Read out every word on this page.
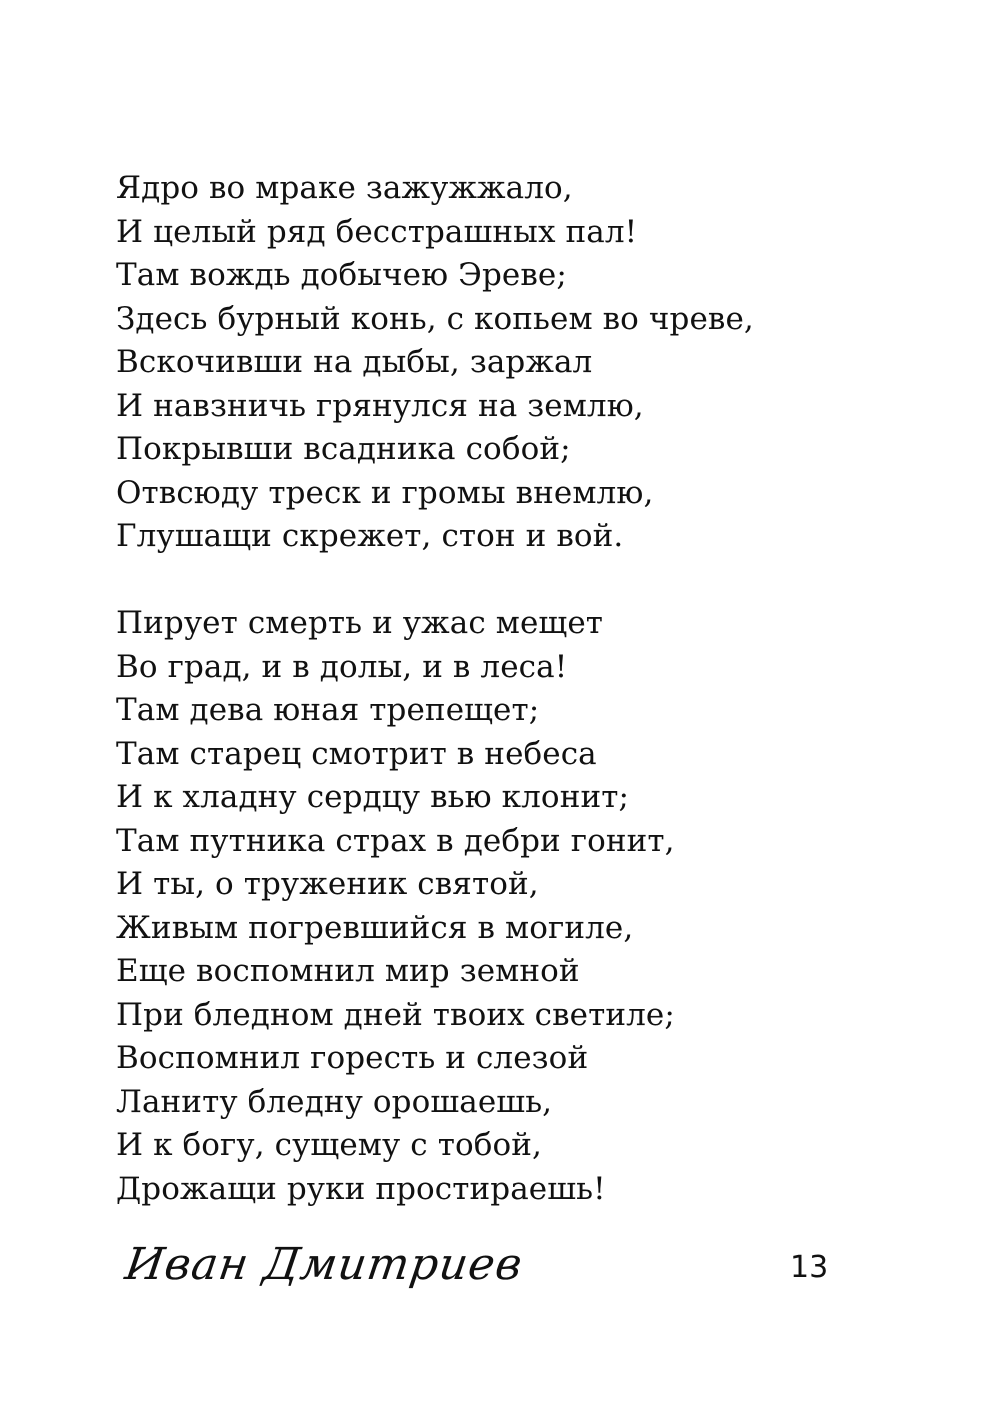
Ядро во мраке зажужжало,
И целый ряд бесстрашных пал!
Там вождь добычею Эреве;
Здесь бурный конь, с копьем во чреве,
Вскочивши на дыбы, заржал
И навзничь грянулся на землю,
Покрывши всадника собой;
Отвсюду треск и громы внемлю,
Глушащи скрежет, стон и вой.
Пирует смерть и ужас мещет
Во град, и в долы, и в леса!
Там дева юная трепещет;
Там старец смотрит в небеса
И к хладну сердцу вью клонит;
Там путника страх в дебри гонит,
И ты, о труженик святой,
Живым погревшийся в могиле,
Еще воспомнил мир земной
При бледном дней твоих светиле;
Воспомнил горесть и слезой
Ланиту бледну орошаешь,
И к богу, сущему с тобой,
Дрожащи руки простираешь!
Иван Дмитриев	13
